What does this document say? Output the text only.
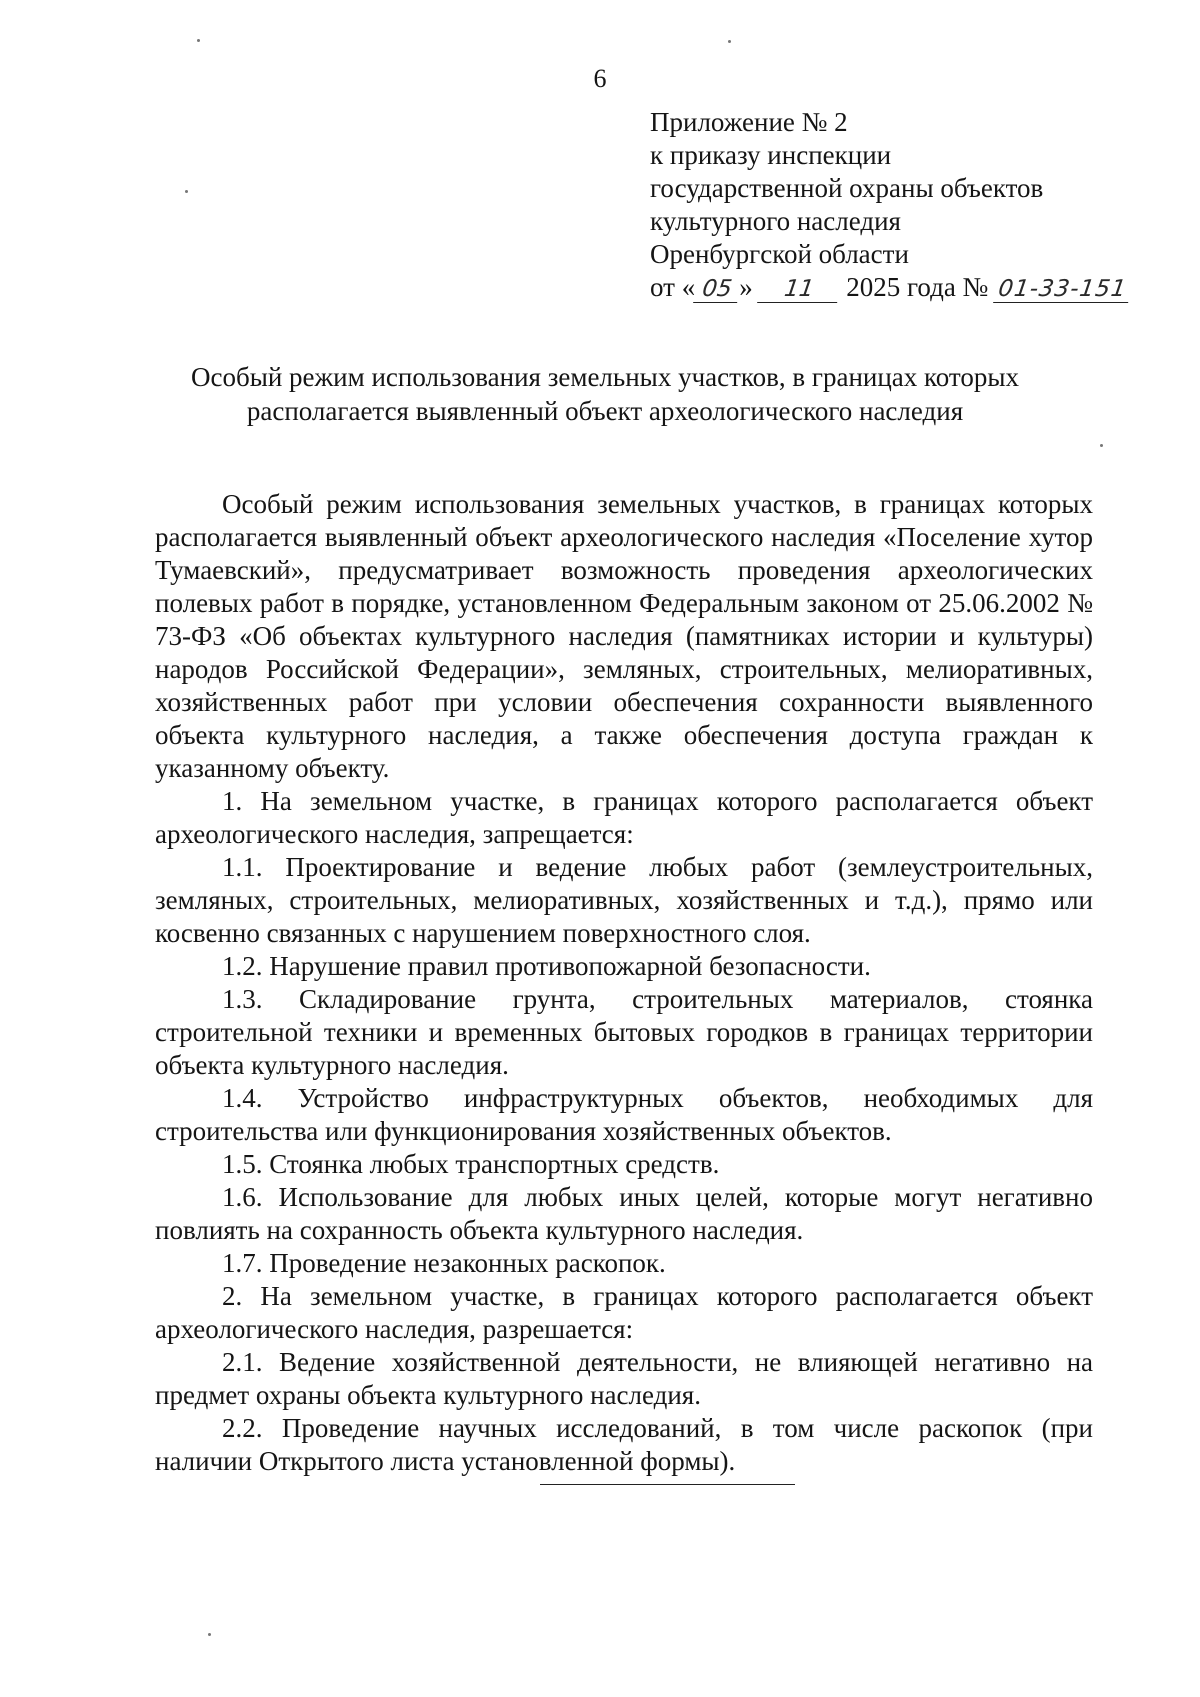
6
Приложение № 2
к приказу инспекции
государственной охраны объектов
культурного наследия
Оренбургской области
от « 05 » 11 2025 года № 01-33-151
Особый режим использования земельных участков, в границах которых
располагается выявленный объект археологического наследия

Особый режим использования земельных участков, в границах которых располагается выявленный объект археологического наследия «Поселение хутор Тумаевский», предусматривает возможность проведения археологических полевых работ в порядке, установленном Федеральным законом от 25.06.2002 № 73-ФЗ «Об объектах культурного наследия (памятниках истории и культуры) народов Российской Федерации», земляных, строительных, мелиоративных, хозяйственных работ при условии обеспечения сохранности выявленного объекта культурного наследия, а также обеспечения доступа граждан к указанному объекту.

1. На земельном участке, в границах которого располагается объект археологического наследия, запрещается:

1.1. Проектирование и ведение любых работ (землеустроительных, земляных, строительных, мелиоративных, хозяйственных и т.д.), прямо или косвенно связанных с нарушением поверхностного слоя.

1.2. Нарушение правил противопожарной безопасности.

1.3. Складирование грунта, строительных материалов, стоянка строительной техники и временных бытовых городков в границах территории объекта культурного наследия.

1.4. Устройство инфраструктурных объектов, необходимых для строительства или функционирования хозяйственных объектов.

1.5. Стоянка любых транспортных средств.

1.6. Использование для любых иных целей, которые могут негативно повлиять на сохранность объекта культурного наследия.

1.7. Проведение незаконных раскопок.

2. На земельном участке, в границах которого располагается объект археологического наследия, разрешается:

2.1. Ведение хозяйственной деятельности, не влияющей негативно на предмет охраны объекта культурного наследия.

2.2. Проведение научных исследований, в том числе раскопок (при наличии Открытого листа установленной формы).
